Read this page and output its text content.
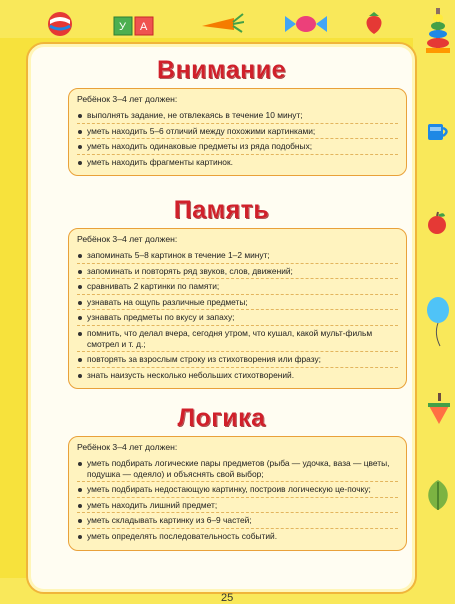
У А
Внимание
Ребёнок 3–4 лет должен:
выполнять задание, не отвлекаясь в течение 10 минут;
уметь находить 5–6 отличий между похожими картинками;
уметь находить одинаковые предметы из ряда подобных;
уметь находить фрагменты картинок.
Память
Ребёнок 3–4 лет должен:
запоминать 5–8 картинок в течение 1–2 минут;
запоминать и повторять ряд звуков, слов, движений;
сравнивать 2 картинки по памяти;
узнавать на ощупь различные предметы;
узнавать предметы по вкусу и запаху;
помнить, что делал вчера, сегодня утром, что кушал, какой мульт-фильм смотрел и т. д.;
повторять за взрослым строку из стихотворения или фразу;
знать наизусть несколько небольших стихотворений.
Логика
Ребёнок 3–4 лет должен:
уметь подбирать логические пары предметов (рыба — удочка, ваза — цветы, подушка — одеяло) и объяснять свой выбор;
уметь подбирать недостающую картинку, построив логическую це-почку;
уметь находить лишний предмет;
уметь складывать картинку из 6–9 частей;
уметь определять последовательность событий.
25
